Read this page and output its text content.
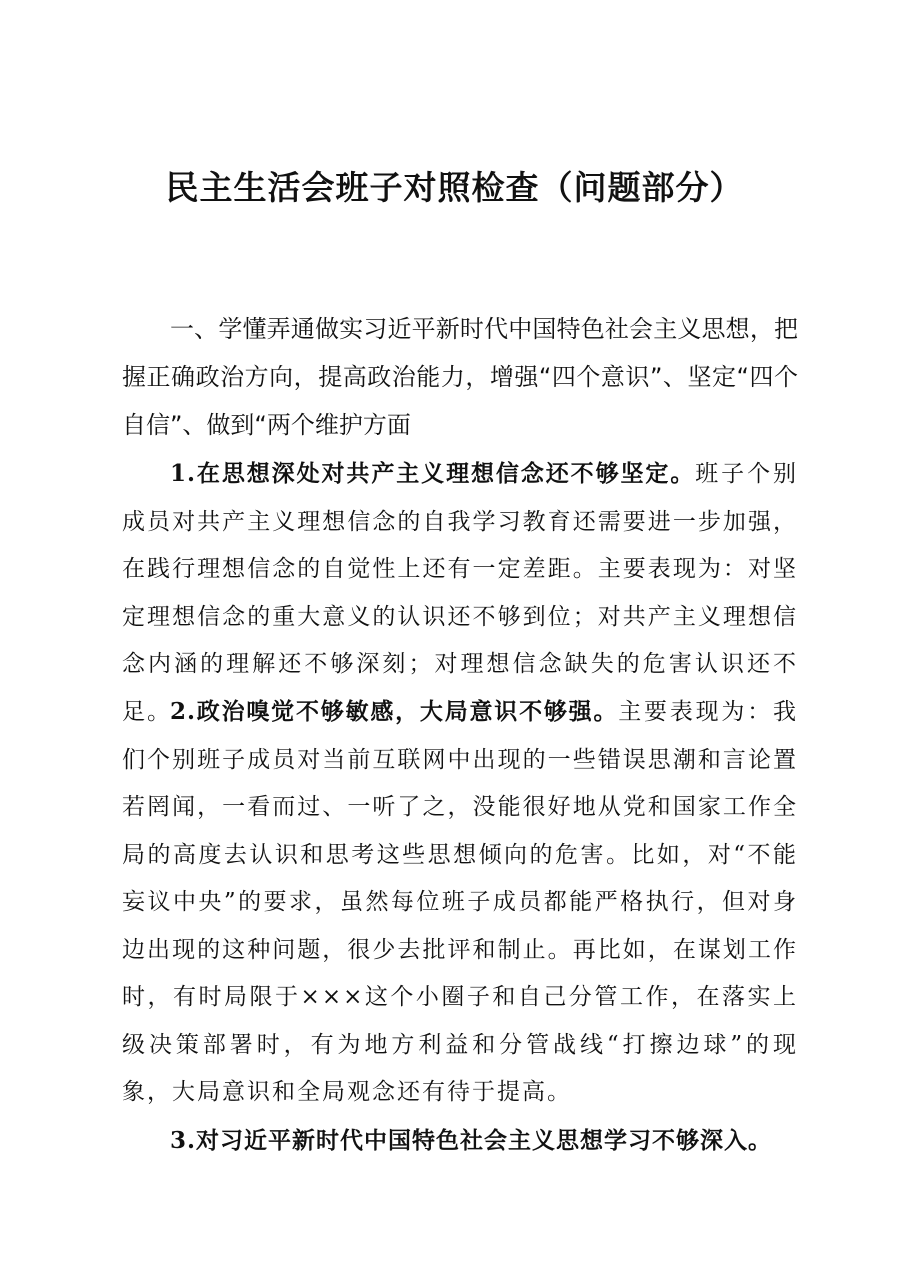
民主生活会班子对照检查（问题部分）

一、学懂弄通做实习近平新时代中国特色社会主义思想，把握正确政治方向，提高政治能力，增强“四个意识”、坚定“四个自信”、做到“两个维护方面

1.在思想深处对共产主义理想信念还不够坚定。班子个别成员对共产主义理想信念的自我学习教育还需要进一步加强，在践行理想信念的自觉性上还有一定差距。主要表现为：对坚定理想信念的重大意义的认识还不够到位；对共产主义理想信念内涵的理解还不够深刻；对理想信念缺失的危害认识还不足。

2.政治嗅觉不够敏感，大局意识不够强。主要表现为：我们个别班子成员对当前互联网中出现的一些错误思潮和言论置若罔闻，一看而过、一听了之，没能很好地从党和国家工作全局的高度去认识和思考这些思想倾向的危害。比如，对“不能妄议中央”的要求，虽然每位班子成员都能严格执行，但对身边出现的这种问题，很少去批评和制止。再比如，在谋划工作时，有时局限于×××这个小圈子和自己分管工作，在落实上级决策部署时，有为地方利益和分管战线“打擦边球”的现象，大局意识和全局观念还有待于提高。

3.对习近平新时代中国特色社会主义思想学习不够深入。
